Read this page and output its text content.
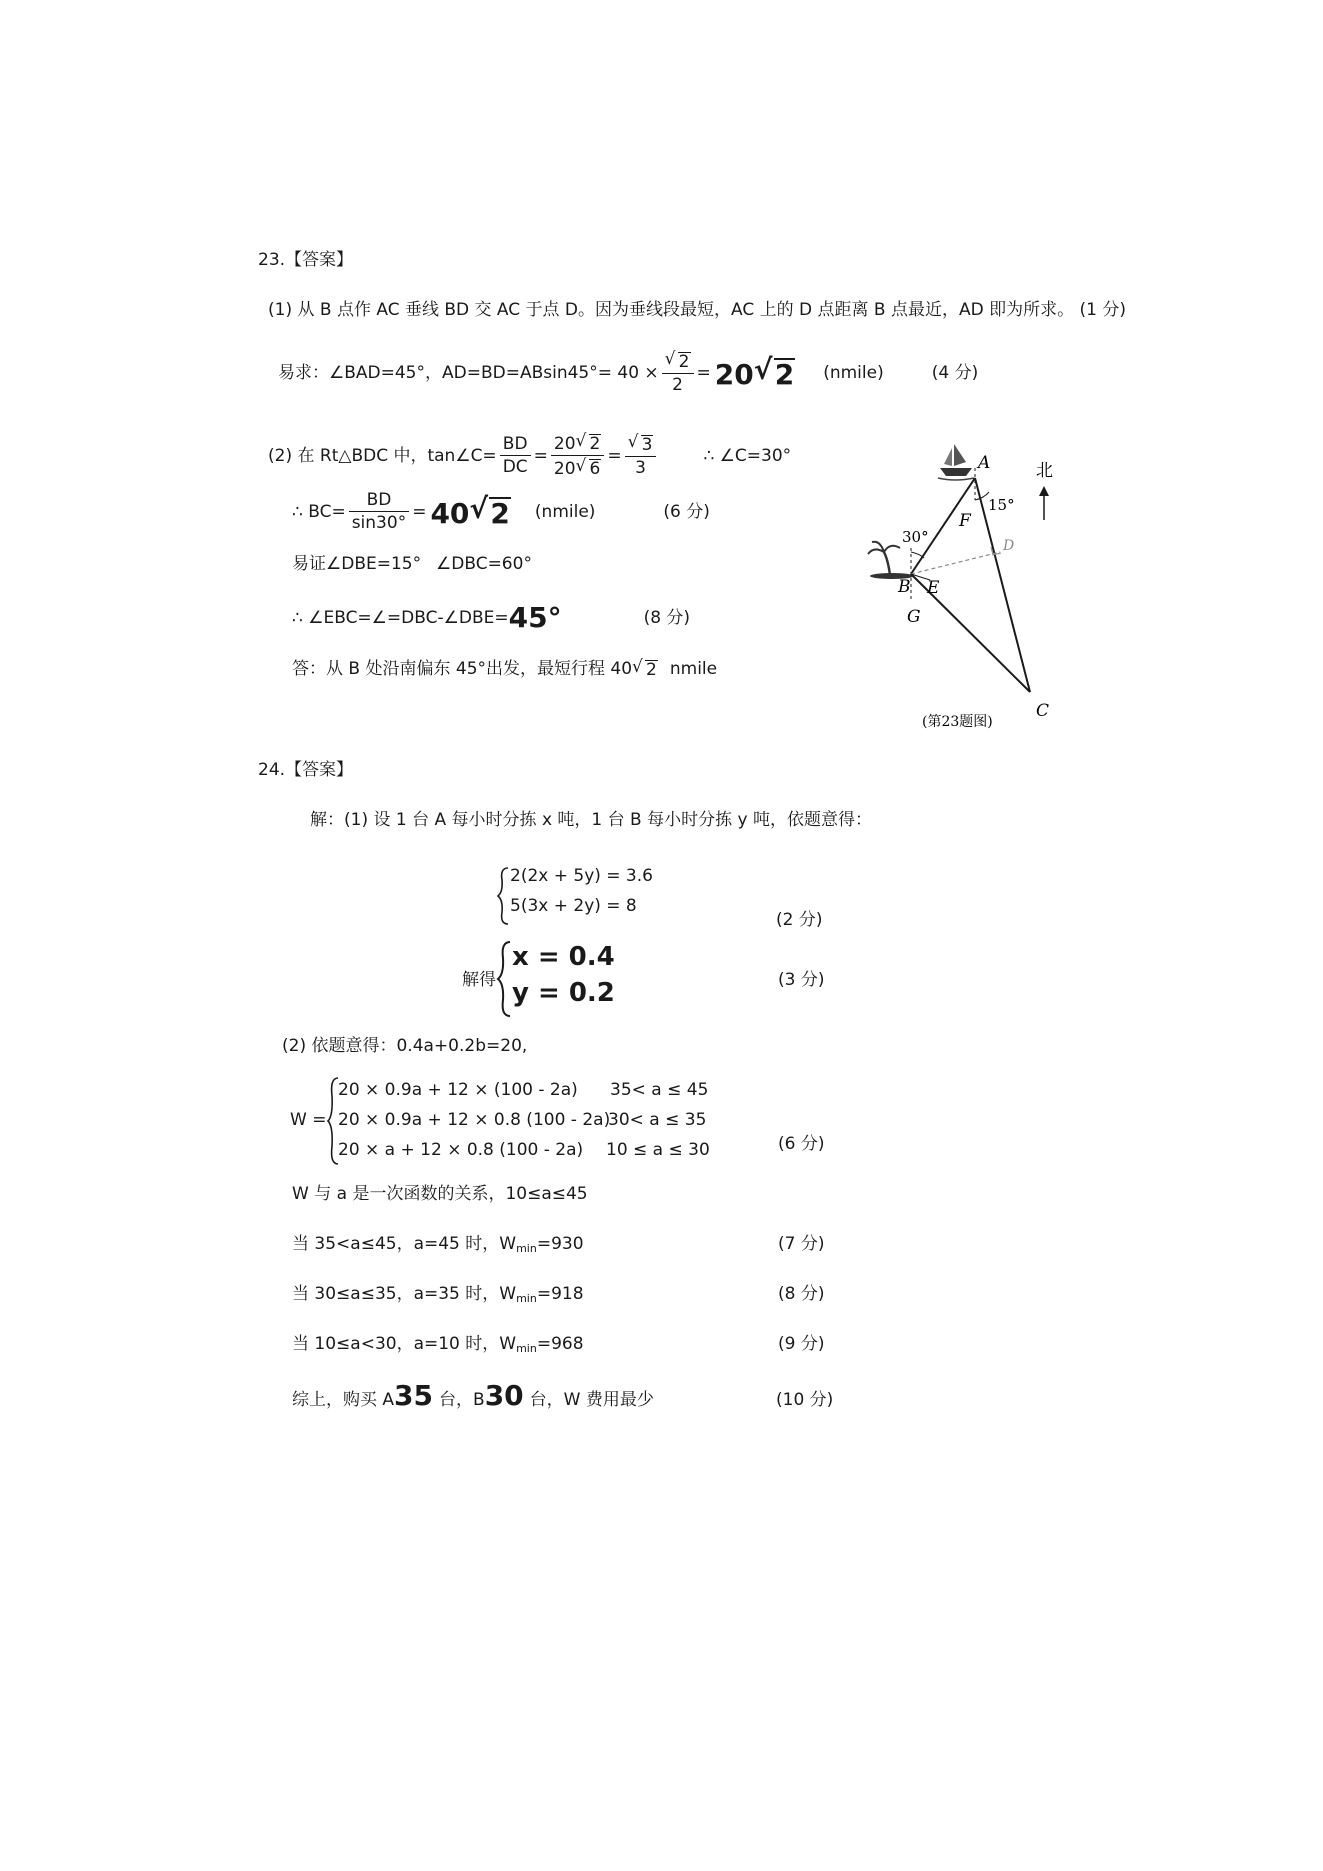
23.【答案】
(1) 从 B 点作 AC 垂线 BD 交 AC 于点 D。因为垂线段最短，AC 上的 D 点距离 B 点最近，AD 即为所求。 (1 分)
易求：∠BAD=45°，AD=BD=ABsin45°= 40 ×
√ $\frac{2}{2} = 20√$ 2 (nmile)	(4 分)
(2) 在 Rt△BDC 中，tan∠C= $\frac{BD}{DC} = \frac{20√ 2}{20√ 6}$ =
√ $\frac{3}{3}$	∴ ∠C=30°
∴ $BC= \frac{BD}{\sin 30^\circ} = 40√$ 2 (nmile)	(6 分)
易证∠DBE=15° ∠DBC=60°
∴ ∠EBC=∠=DBC-∠DBE= 45°	(8 分)
答：从 B 处沿南偏东 45°出发，最短行程 40
√ 2 nmile
A
B
C
D
E
F
G
15°
30°
北
(第23题图)
24.【答案】
解：(1) 设 1 台 A 每小时分拣 x 吨，1 台 B 每小时分拣 y 吨，依题意得：
2(2x + 5y) = 3.6
5(3x + 2y) = 8
(2 分)
解得
x = 0.4
y = 0.2	(3 分)
(2) 依题意得：0.4a+0.2b=20,
W =
20 × 0.9a + 12 × (100 - 2a) 35< a ≤ 45
20 × 0.9a + 12 × 0.8 (100 - 2a)
30< a ≤ 35
20 × a + 12 × 0.8 (100 - 2a) 10 ≤ a ≤ 30	(6 分)
W 与 a 是一次函数的关系，10≤a≤45
当 35<a≤45，a=45 时，$W_{min}=930$	(7 分)
当 30≤a≤35，a=35 时，$W_{min}=918$	(8 分)
当 10≤a<30，a=10 时，$W_{min}=968$	(9 分)
综上，购买 A 35 台，B 30 台，W 费用最少	(10 分)
